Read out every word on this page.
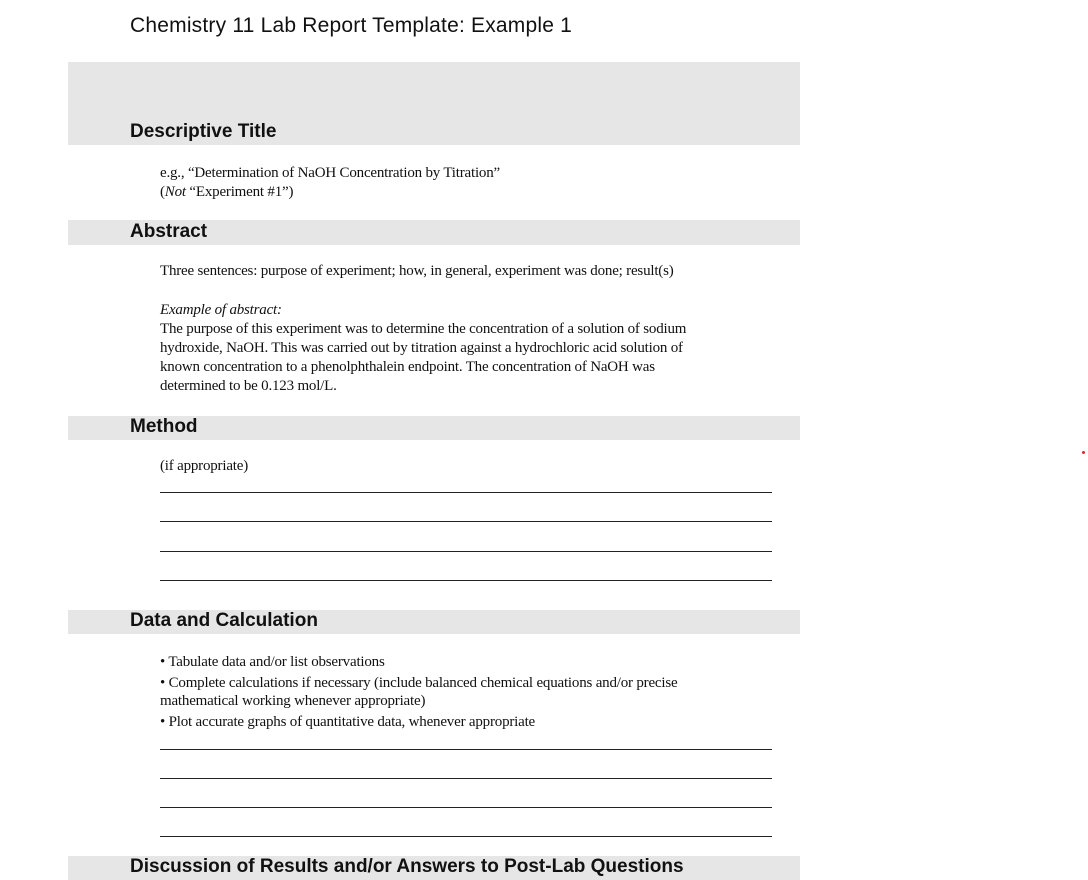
Chemistry 11 Lab Report Template: Example 1
Descriptive Title
e.g., “Determination of NaOH Concentration by Titration”
(Not “Experiment #1”)
Abstract
Three sentences: purpose of experiment; how, in general, experiment was done; result(s)
Example of abstract:
The purpose of this experiment was to determine the concentration of a solution of sodium
hydroxide, NaOH. This was carried out by titration against a hydrochloric acid solution of
known concentration to a phenolphthalein endpoint. The concentration of NaOH was
determined to be 0.123 mol/L.
Method
(if appropriate)
Data and Calculation
• Tabulate data and/or list observations
• Complete calculations if necessary (include balanced chemical equations and/or precise
mathematical working whenever appropriate)
• Plot accurate graphs of quantitative data, whenever appropriate
Discussion of Results and/or Answers to Post-Lab Questions
